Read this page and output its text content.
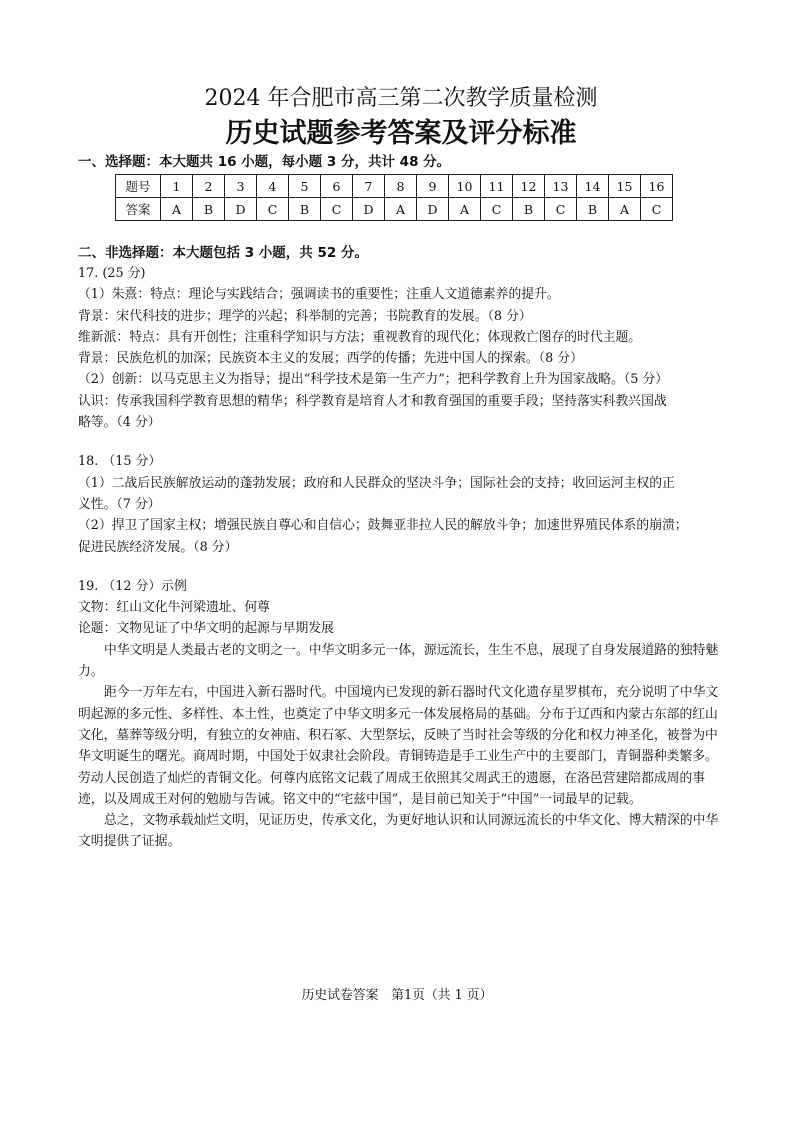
2024 年合肥市高三第二次教学质量检测
历史试题参考答案及评分标准

一、选择题：本大题共 16 小题，每小题 3 分，共计 48 分。

题号	1	2	3	4	5	6	7	8	9	10	11	12	13	14	15	16
答案	A	B	D	C	B	C	D	A	D	A	C	B	C	B	A	C

二、非选择题：本大题包括 3 小题，共 52 分。

17. (25 分)

（1）朱熹：特点：理论与实践结合；强调读书的重要性；注重人文道德素养的提升。

背景：宋代科技的进步；理学的兴起；科举制的完善；书院教育的发展。（8 分）

维新派：特点：具有开创性；注重科学知识与方法；重视教育的现代化；体现救亡图存的时代主题。

背景：民族危机的加深；民族资本主义的发展；西学的传播；先进中国人的探索。（8 分）

（2）创新：以马克思主义为指导；提出“科学技术是第一生产力”；把科学教育上升为国家战略。（5 分）

认识：传承我国科学教育思想的精华；科学教育是培育人才和教育强国的重要手段；坚持落实科教兴国战

略等。（4 分）

18. （15 分）

（1）二战后民族解放运动的蓬勃发展；政府和人民群众的坚决斗争；国际社会的支持；收回运河主权的正

义性。（7 分）

（2）捍卫了国家主权；增强民族自尊心和自信心；鼓舞亚非拉人民的解放斗争；加速世界殖民体系的崩溃；

促进民族经济发展。（8 分）

19. （12 分）示例

文物：红山文化牛河梁遗址、何尊

论题：文物见证了中华文明的起源与早期发展

中华文明是人类最古老的文明之一。中华文明多元一体，源远流长，生生不息，展现了自身发展道路的独特魅力。

距今一万年左右，中国进入新石器时代。中国境内已发现的新石器时代文化遗存星罗棋布，充分说明了中华文明起源的多元性、多样性、本土性，也奠定了中华文明多元一体发展格局的基础。分布于辽西和内蒙古东部的红山文化，墓葬等级分明，有独立的女神庙、积石冢、大型祭坛，反映了当时社会等级的分化和权力神圣化，被誉为中华文明诞生的曙光。商周时期，中国处于奴隶社会阶段。青铜铸造是手工业生产中的主要部门，青铜器种类繁多。劳动人民创造了灿烂的青铜文化。何尊内底铭文记载了周成王依照其父周武王的遗愿，在洛邑营建陪都成周的事迹，以及周成王对何的勉励与告诫。铭文中的“宅兹中国”，是目前已知关于“中国”一词最早的记载。

总之，文物承载灿烂文明，见证历史，传承文化，为更好地认识和认同源远流长的中华文化、博大精深的中华文明提供了证据。

历史试卷答案　第1页（共 1 页）
